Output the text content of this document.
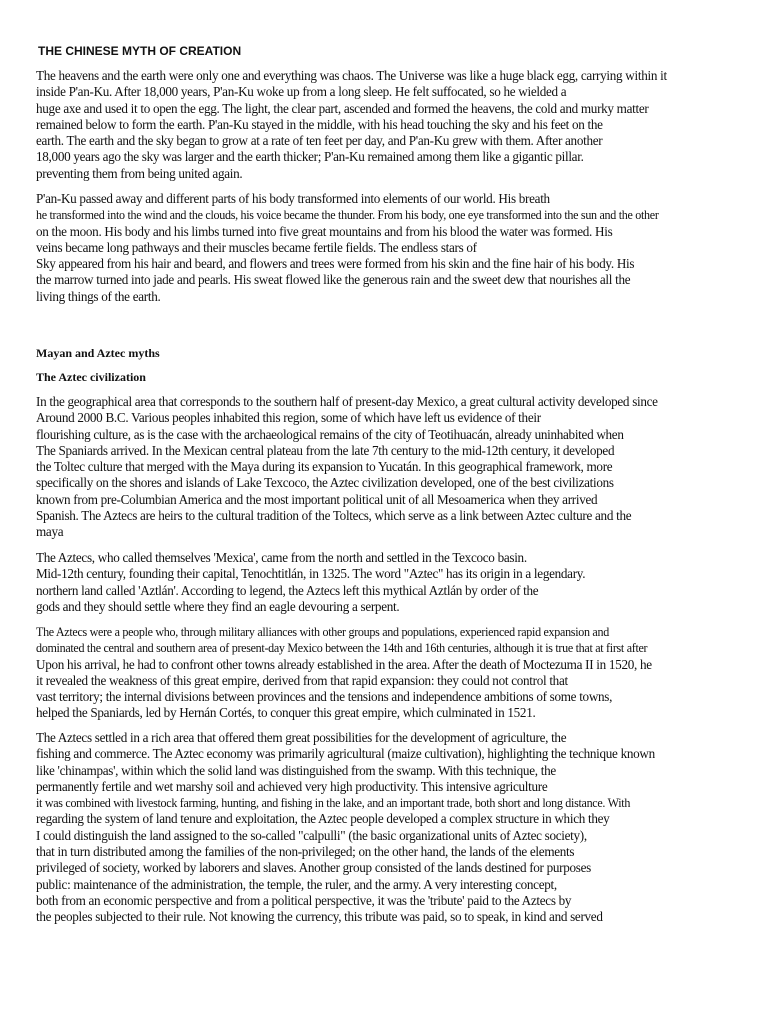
THE CHINESE MYTH OF CREATION
The heavens and the earth were only one and everything was chaos. The Universe was like a huge black egg, carrying within it
inside P'an-Ku. After 18,000 years, P'an-Ku woke up from a long sleep. He felt suffocated, so he wielded a
huge axe and used it to open the egg. The light, the clear part, ascended and formed the heavens, the cold and murky matter
remained below to form the earth. P'an-Ku stayed in the middle, with his head touching the sky and his feet on the
earth. The earth and the sky began to grow at a rate of ten feet per day, and P'an-Ku grew with them. After another
18,000 years ago the sky was larger and the earth thicker; P'an-Ku remained among them like a gigantic pillar.
preventing them from being united again.
P'an-Ku passed away and different parts of his body transformed into elements of our world. His breath
he transformed into the wind and the clouds, his voice became the thunder. From his body, one eye transformed into the sun and the other
on the moon. His body and his limbs turned into five great mountains and from his blood the water was formed. His
veins became long pathways and their muscles became fertile fields. The endless stars of
Sky appeared from his hair and beard, and flowers and trees were formed from his skin and the fine hair of his body. His
the marrow turned into jade and pearls. His sweat flowed like the generous rain and the sweet dew that nourishes all the
living things of the earth.
Mayan and Aztec myths
The Aztec civilization
In the geographical area that corresponds to the southern half of present-day Mexico, a great cultural activity developed since
Around 2000 B.C. Various peoples inhabited this region, some of which have left us evidence of their
flourishing culture, as is the case with the archaeological remains of the city of Teotihuacán, already uninhabited when
The Spaniards arrived. In the Mexican central plateau from the late 7th century to the mid-12th century, it developed
the Toltec culture that merged with the Maya during its expansion to Yucatán. In this geographical framework, more
specifically on the shores and islands of Lake Texcoco, the Aztec civilization developed, one of the best civilizations
known from pre-Columbian America and the most important political unit of all Mesoamerica when they arrived
Spanish. The Aztecs are heirs to the cultural tradition of the Toltecs, which serve as a link between Aztec culture and the
maya
The Aztecs, who called themselves 'Mexica', came from the north and settled in the Texcoco basin.
Mid-12th century, founding their capital, Tenochtitlán, in 1325. The word "Aztec" has its origin in a legendary.
northern land called 'Aztlán'. According to legend, the Aztecs left this mythical Aztlán by order of the
gods and they should settle where they find an eagle devouring a serpent.
The Aztecs were a people who, through military alliances with other groups and populations, experienced rapid expansion and
dominated the central and southern area of present-day Mexico between the 14th and 16th centuries, although it is true that at first after
Upon his arrival, he had to confront other towns already established in the area. After the death of Moctezuma II in 1520, he
it revealed the weakness of this great empire, derived from that rapid expansion: they could not control that
vast territory; the internal divisions between provinces and the tensions and independence ambitions of some towns,
helped the Spaniards, led by Hernán Cortés, to conquer this great empire, which culminated in 1521.
The Aztecs settled in a rich area that offered them great possibilities for the development of agriculture, the
fishing and commerce. The Aztec economy was primarily agricultural (maize cultivation), highlighting the technique known
like 'chinampas', within which the solid land was distinguished from the swamp. With this technique, the
permanently fertile and wet marshy soil and achieved very high productivity. This intensive agriculture
it was combined with livestock farming, hunting, and fishing in the lake, and an important trade, both short and long distance. With
regarding the system of land tenure and exploitation, the Aztec people developed a complex structure in which they
I could distinguish the land assigned to the so-called "calpulli" (the basic organizational units of Aztec society),
that in turn distributed among the families of the non-privileged; on the other hand, the lands of the elements
privileged of society, worked by laborers and slaves. Another group consisted of the lands destined for purposes
public: maintenance of the administration, the temple, the ruler, and the army. A very interesting concept,
both from an economic perspective and from a political perspective, it was the 'tribute' paid to the Aztecs by
the peoples subjected to their rule. Not knowing the currency, this tribute was paid, so to speak, in kind and served
